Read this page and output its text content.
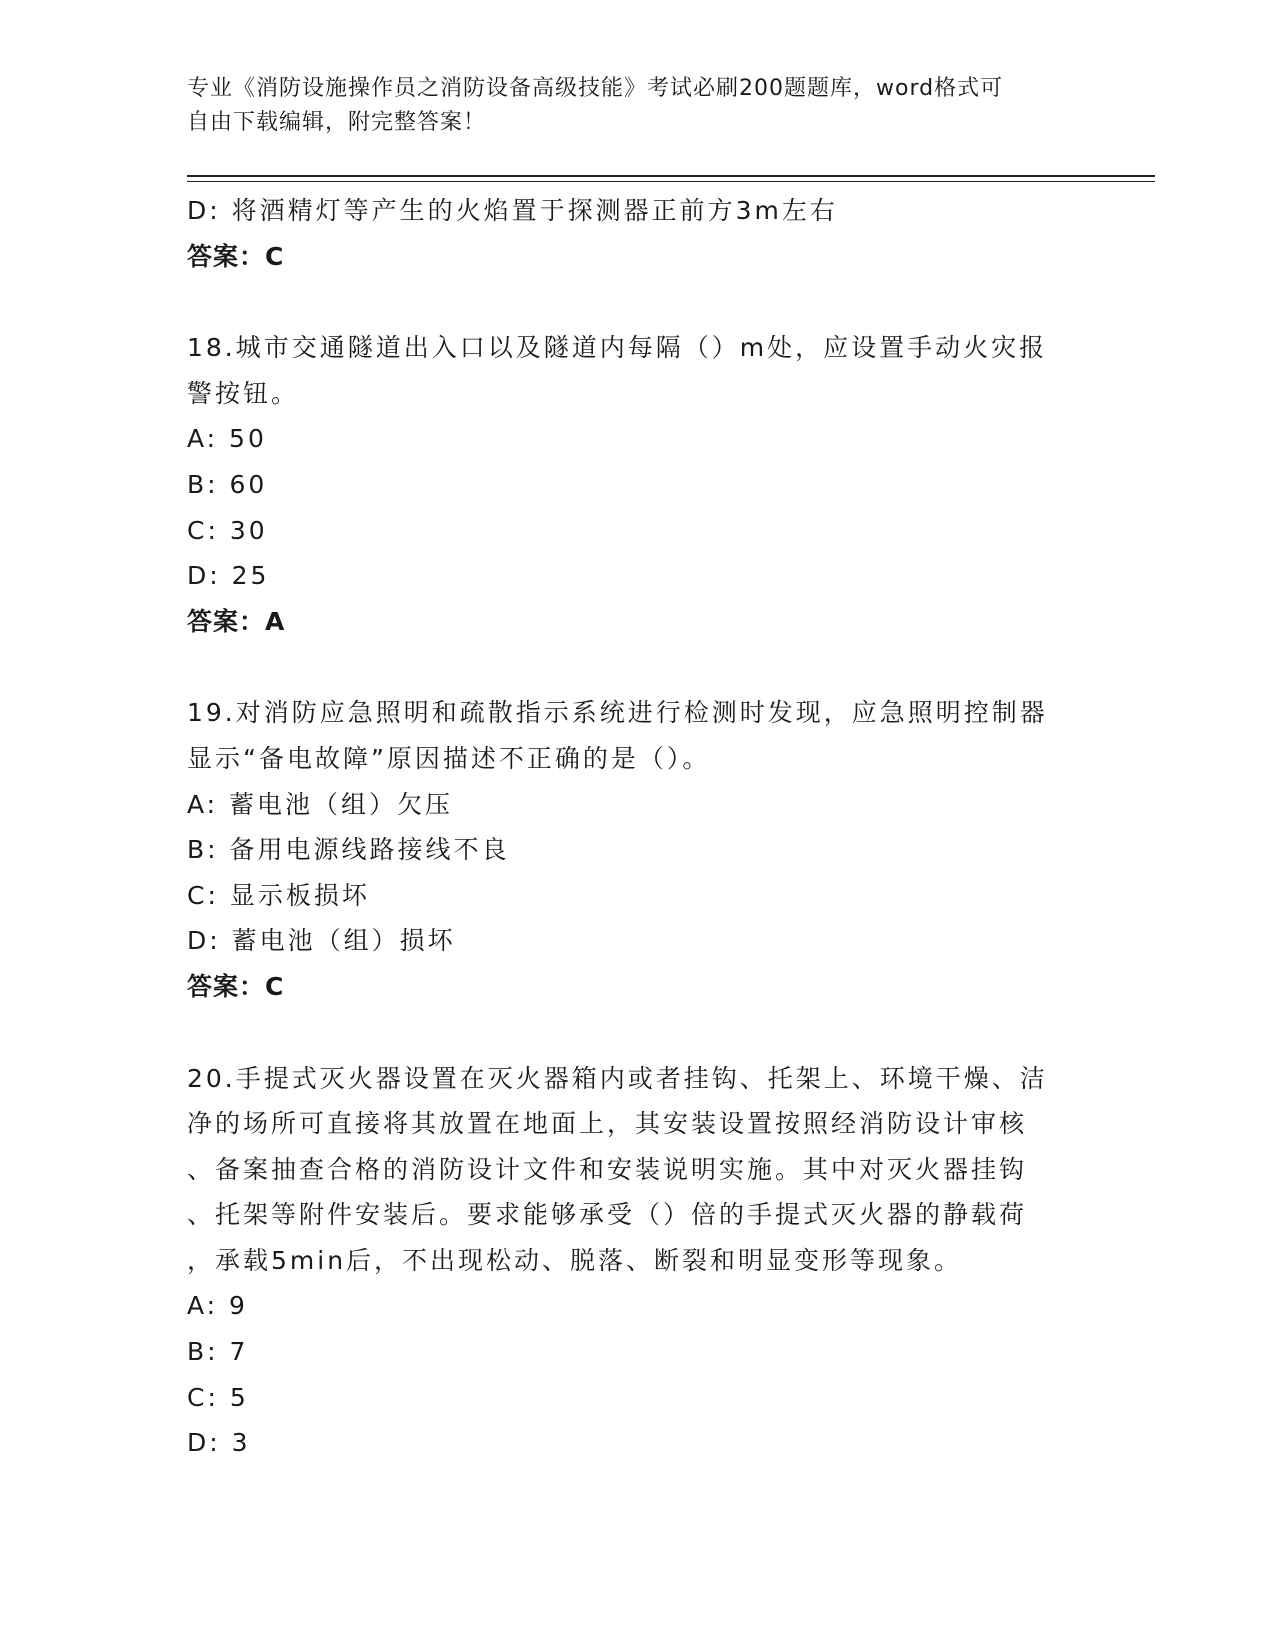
专业《消防设施操作员之消防设备高级技能》考试必刷200题题库，word格式可
自由下载编辑，附完整答案！
D: 将酒精灯等产生的火焰置于探测器正前方3m左右
答案：C
18.城市交通隧道出入口以及隧道内每隔（）m处，应设置手动火灾报
警按钮。
A: 50
B: 60
C: 30
D: 25
答案：A
19.对消防应急照明和疏散指示系统进行检测时发现，应急照明控制器
显示“备电故障”原因描述不正确的是（）。
A: 蓄电池（组）欠压
B: 备用电源线路接线不良
C: 显示板损坏
D: 蓄电池（组）损坏
答案：C
20.手提式灭火器设置在灭火器箱内或者挂钩、托架上、环境干燥、洁
净的场所可直接将其放置在地面上，其安装设置按照经消防设计审核
、备案抽查合格的消防设计文件和安装说明实施。其中对灭火器挂钩
、托架等附件安装后。要求能够承受（）倍的手提式灭火器的静载荷
，承载5min后，不出现松动、脱落、断裂和明显变形等现象。
A: 9
B: 7
C: 5
D: 3
